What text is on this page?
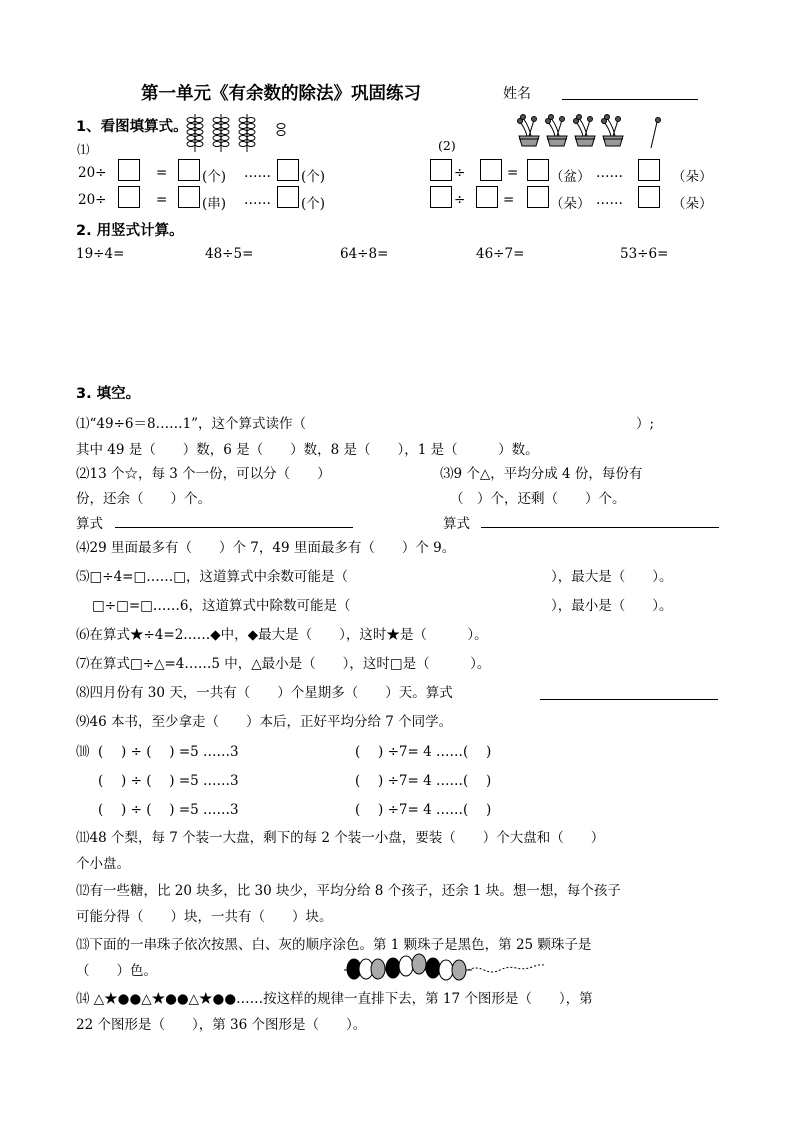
第一单元《有余数的除法》巩固练习	姓名
1、看图填算式。
⑴
20÷	=	(个) …… (个)
20÷	=	(串) …… (个)
(2)
÷	= （盆） ……	（朵）
÷	=	（朵） ……	（朵）
2. 用竖式计算。
19÷4=	48÷5=	64÷8=	46÷7=	53÷6=
3. 填空。
⑴“49÷6＝8……1”，这个算式读作（	）;
其中 49 是（　　）数，6 是（　　）数，8 是（　　），1 是（　　　）数。
⑵13 个☆，每 3 个一份，可以分（　　）
份，还余（　　）个。
⑶9 个△，平均分成 4 份，每份有
（　）个，还剩（　　）个。
算式	算式
⑷29 里面最多有（　　）个 7，49 里面最多有（　　）个 9。
⑸□÷4=□……□，这道算式中余数可能是（	），最大是（　　）。
□÷□=□……6，这道算式中除数可能是（	），最小是（　　）。
⑹在算式★÷4=2……◆中，◆最大是（　　），这时★是（　　　）。
⑺在算式□÷△=4……5 中，△最小是（　　），这时□是（　　　）。
⑻四月份有 30 天，一共有（　　）个星期多（　　）天。算式
⑼46 本书，至少拿走（　　）本后，正好平均分给 7 个同学。
⑽ (　 ) ÷ (　 ) =5 ……3	(　 ) ÷7= 4 ……(　 )
(　 ) ÷ (　 ) =5 ……3	(　 ) ÷7= 4 ……(　 )
(　 ) ÷ (　 ) =5 ……3	(　 ) ÷7= 4 ……(　 )
⑾48 个梨，每 7 个装一大盘，剩下的每 2 个装一小盘，要装（　　）个大盘和（　　）
个小盘。
⑿有一些糖，比 20 块多，比 30 块少，平均分给 8 个孩子，还余 1 块。想一想，每个孩子
可能分得（　　）块，一共有（　　）块。
⒀下面的一串珠子依次按黑、白、灰的顺序涂色。第 1 颗珠子是黑色，第 25 颗珠子是
（　　）色。
⒁ △★●●△★●●△★●●……按这样的规律一直排下去，第 17 个图形是（　　），第
22 个图形是（　　），第 36 个图形是（　　）。
